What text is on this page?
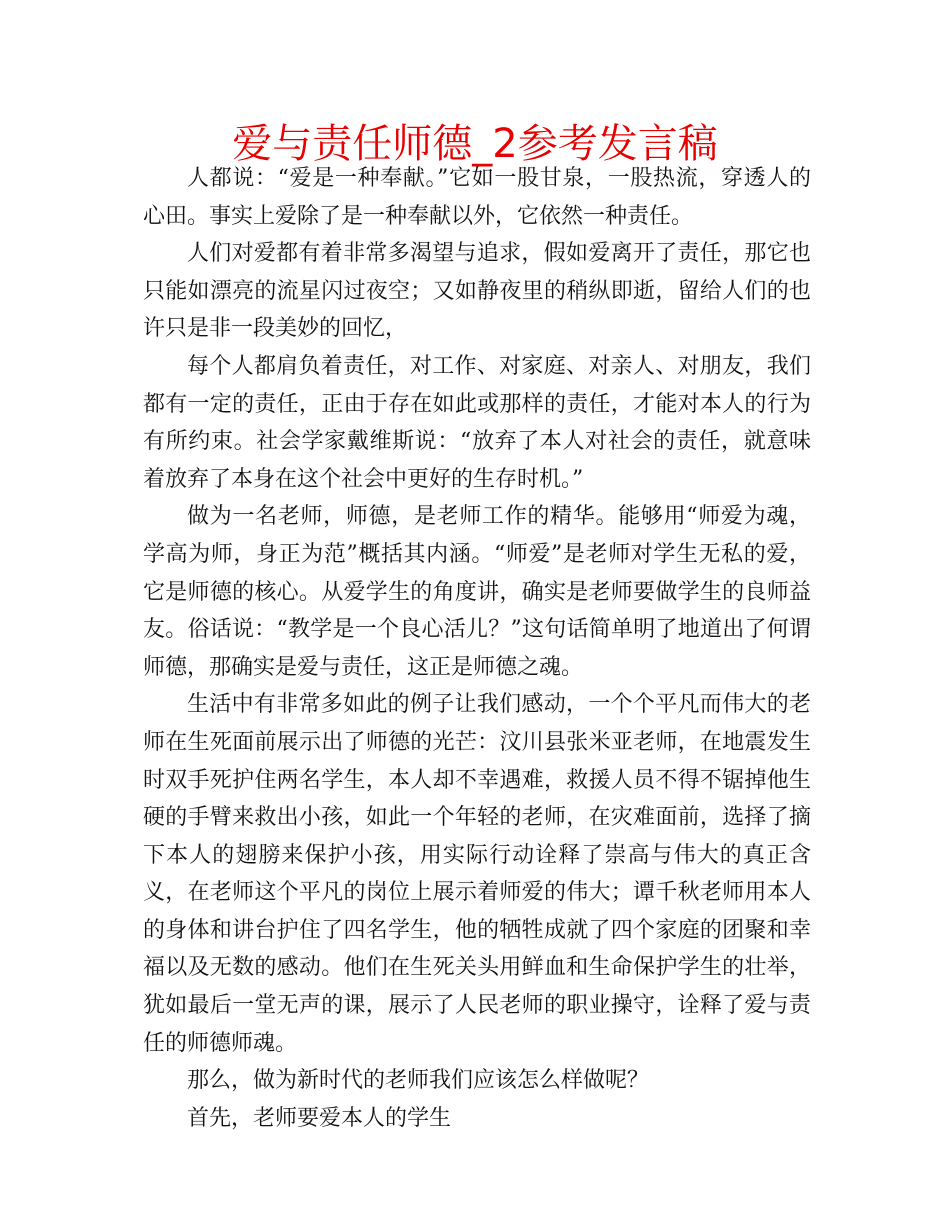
爱与责任师德_2参考发言稿

人都说：“爱是一种奉献。”它如一股甘泉，一股热流，穿透人的心田。事实上爱除了是一种奉献以外，它依然一种责任。

人们对爱都有着非常多渴望与追求，假如爱离开了责任，那它也只能如漂亮的流星闪过夜空；又如静夜里的稍纵即逝，留给人们的也许只是非一段美妙的回忆，

每个人都肩负着责任，对工作、对家庭、对亲人、对朋友，我们都有一定的责任，正由于存在如此或那样的责任，才能对本人的行为有所约束。社会学家戴维斯说：“放弃了本人对社会的责任，就意味着放弃了本身在这个社会中更好的生存时机。”

做为一名老师，师德，是老师工作的精华。能够用“师爱为魂，学高为师，身正为范”概括其内涵。“师爱”是老师对学生无私的爱，它是师德的核心。从爱学生的角度讲，确实是老师要做学生的良师益友。俗话说：“教学是一个良心活儿？”这句话简单明了地道出了何谓师德，那确实是爱与责任，这正是师德之魂。

生活中有非常多如此的例子让我们感动，一个个平凡而伟大的老师在生死面前展示出了师德的光芒：汶川县张米亚老师，在地震发生时双手死护住两名学生，本人却不幸遇难，救援人员不得不锯掉他生硬的手臂来救出小孩，如此一个年轻的老师，在灾难面前，选择了摘下本人的翅膀来保护小孩，用实际行动诠释了崇高与伟大的真正含义，在老师这个平凡的岗位上展示着师爱的伟大；谭千秋老师用本人的身体和讲台护住了四名学生，他的牺牲成就了四个家庭的团聚和幸福以及无数的感动。他们在生死关头用鲜血和生命保护学生的壮举，犹如最后一堂无声的课，展示了人民老师的职业操守，诠释了爱与责任的师德师魂。

那么，做为新时代的老师我们应该怎么样做呢？

首先，老师要爱本人的学生
